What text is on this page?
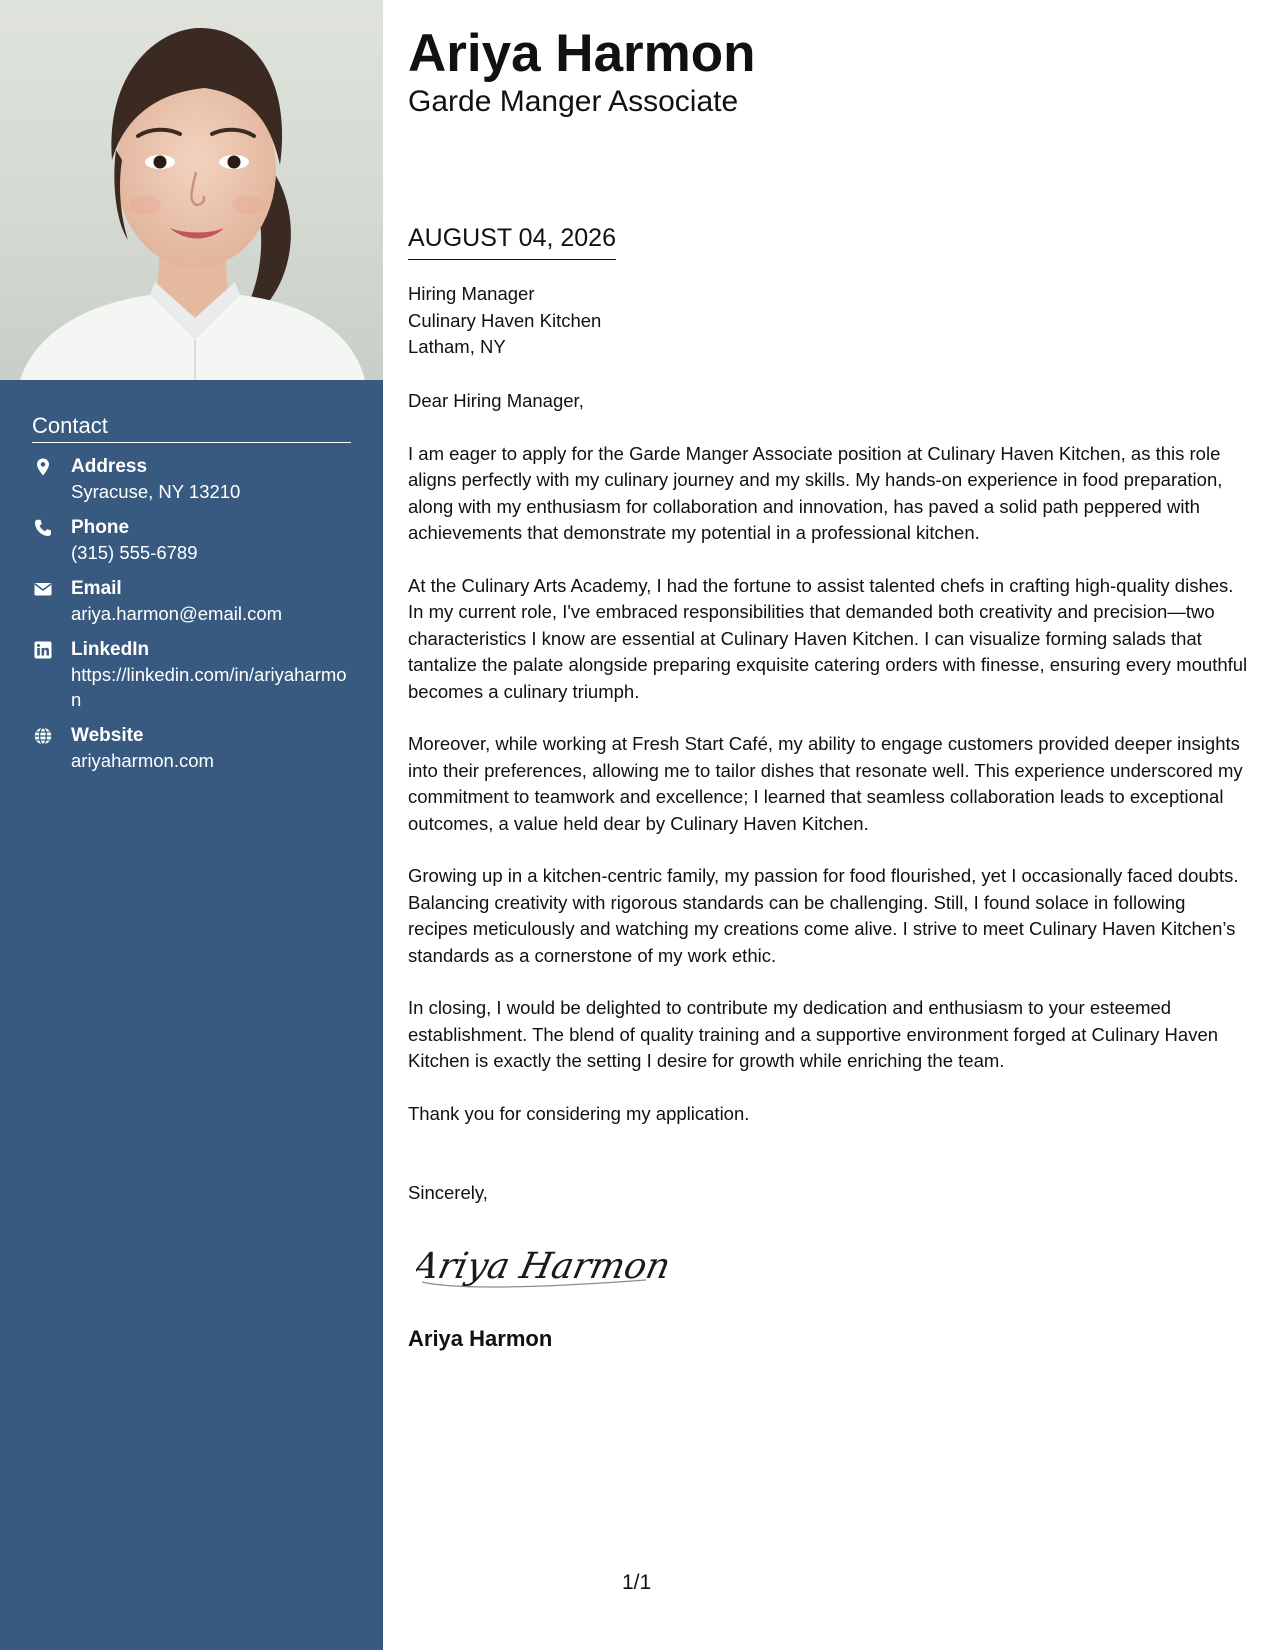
Contact
Address
Syracuse, NY 13210
Phone
(315) 555-6789
Email
ariya.harmon@email.com
LinkedIn
https://linkedin.com/in/ariyaharmon
Website
ariyaharmon.com
Ariya Harmon
Garde Manger Associate
AUGUST 04, 2026
Hiring Manager
Culinary Haven Kitchen
Latham, NY

Dear Hiring Manager,

I am eager to apply for the Garde Manger Associate position at Culinary Haven Kitchen, as this role aligns perfectly with my culinary journey and my skills. My hands-on experience in food preparation, along with my enthusiasm for collaboration and innovation, has paved a solid path peppered with achievements that demonstrate my potential in a professional kitchen.

At the Culinary Arts Academy, I had the fortune to assist talented chefs in crafting high-quality dishes. In my current role, I've embraced responsibilities that demanded both creativity and precision—two characteristics I know are essential at Culinary Haven Kitchen. I can visualize forming salads that tantalize the palate alongside preparing exquisite catering orders with finesse, ensuring every mouthful becomes a culinary triumph.

Moreover, while working at Fresh Start Café, my ability to engage customers provided deeper insights into their preferences, allowing me to tailor dishes that resonate well. This experience underscored my commitment to teamwork and excellence; I learned that seamless collaboration leads to exceptional outcomes, a value held dear by Culinary Haven Kitchen.

Growing up in a kitchen-centric family, my passion for food flourished, yet I occasionally faced doubts. Balancing creativity with rigorous standards can be challenging. Still, I found solace in following recipes meticulously and watching my creations come alive. I strive to meet Culinary Haven Kitchen’s standards as a cornerstone of my work ethic.

In closing, I would be delighted to contribute my dedication and enthusiasm to your esteemed establishment. The blend of quality training and a supportive environment forged at Culinary Haven Kitchen is exactly the setting I desire for growth while enriching the team.

Thank you for considering my application.

Sincerely,
Ariya Harmon
Ariya Harmon
1/1
